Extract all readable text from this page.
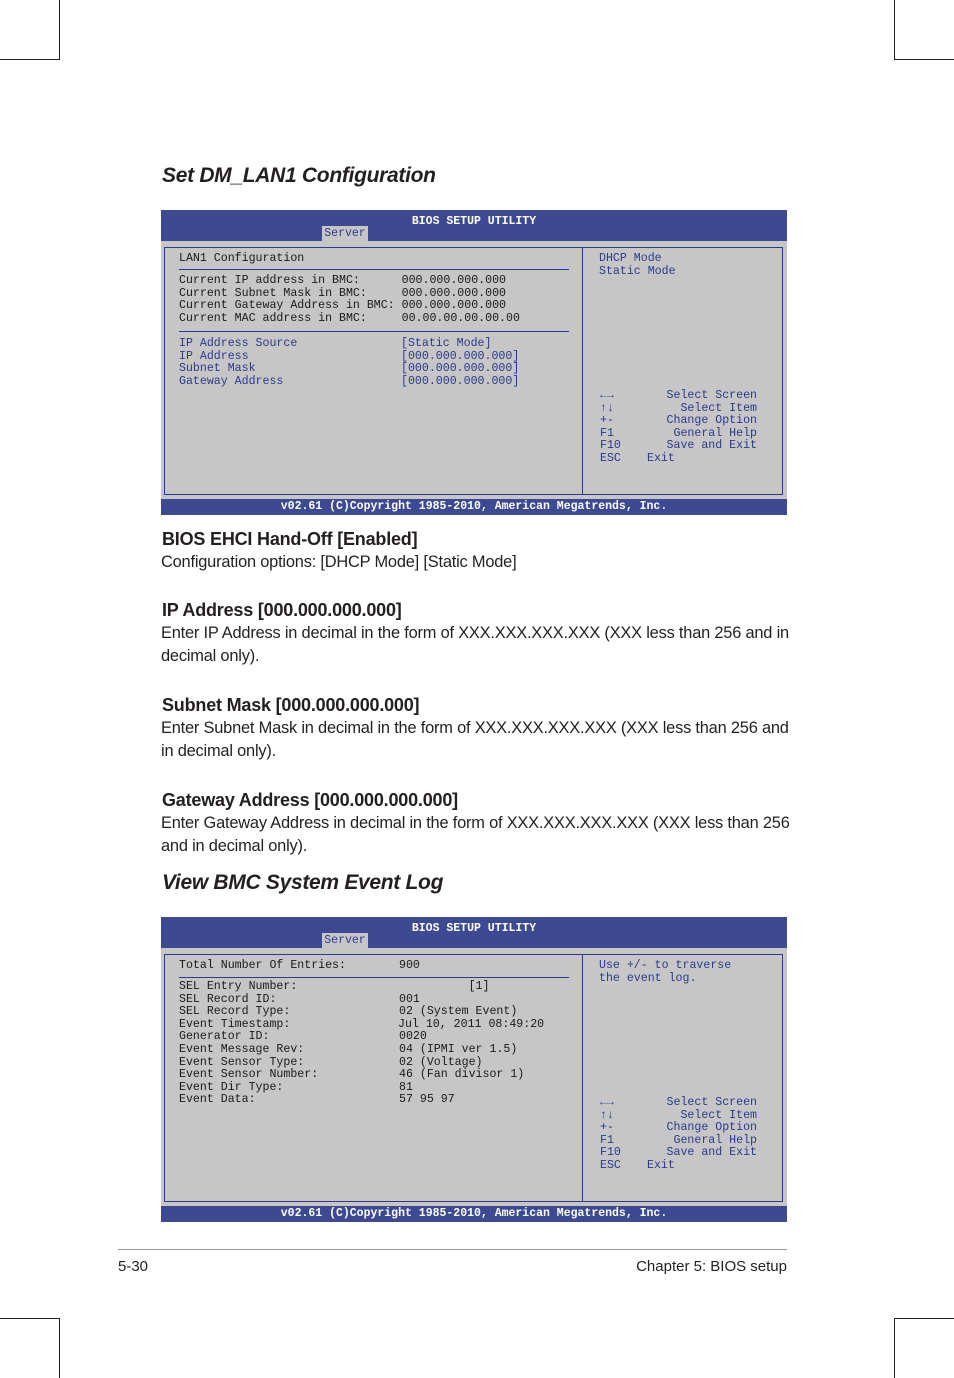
Set DM_LAN1 Configuration
BIOS SETUP UTILITY
Server
LAN1 Configuration
Current IP address in BMC:      000.000.000.000
Current Subnet Mask in BMC:     000.000.000.000
Current Gateway Address in BMC: 000.000.000.000
Current MAC address in BMC:     00.00.00.00.00.00
IP Address Source	[Static Mode]
IP Address	[000.000.000.000]
Subnet Mask	[000.000.000.000]
Gateway Address	[000.000.000.000]
DHCP Mode
Static Mode
←→	Select Screen
↑↓	Select Item
+-	Change Option
F1	General Help
F10	Save and Exit
ESC	Exit
v02.61 (C)Copyright 1985-2010, American Megatrends, Inc.
BIOS EHCI Hand-Off [Enabled]

Configuration options: [DHCP Mode] [Static Mode]

IP Address [000.000.000.000]

Enter IP Address in decimal in the form of XXX.XXX.XXX.XXX (XXX less than 256 and in decimal only).

Subnet Mask [000.000.000.000]

Enter Subnet Mask in decimal in the form of XXX.XXX.XXX.XXX (XXX less than 256 and in decimal only).

Gateway Address [000.000.000.000]

Enter Gateway Address in decimal in the form of XXX.XXX.XXX.XXX (XXX less than 256 and in decimal only).

View BMC System Event Log
BIOS SETUP UTILITY
Server
Total Number Of Entries:	900
SEL Entry Number:	[1]
SEL Record ID:	001
SEL Record Type:	02 (System Event)
Event Timestamp:	Jul 10, 2011 08:49:20
Generator ID:	0020
Event Message Rev:	04 (IPMI ver 1.5)
Event Sensor Type:	02 (Voltage)
Event Sensor Number:	46 (Fan divisor 1)
Event Dir Type:	81
Event Data:	57 95 97
Use +/- to traverse
the event log.
←→	Select Screen
↑↓	Select Item
+-	Change Option
F1	General Help
F10	Save and Exit
ESC	Exit
v02.61 (C)Copyright 1985-2010, American Megatrends, Inc.
5-30	Chapter 5: BIOS setup
